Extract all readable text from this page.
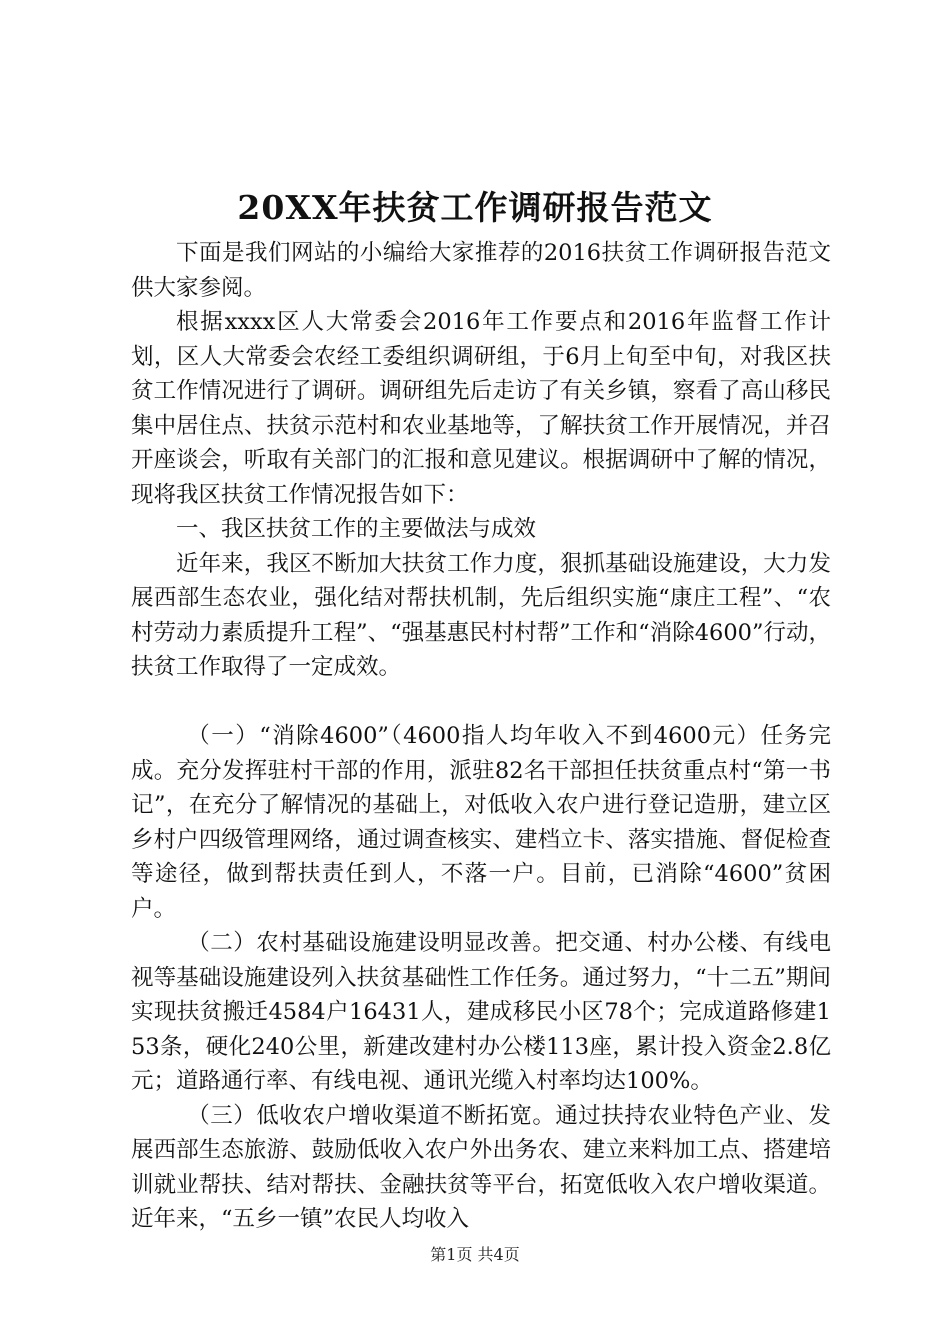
20XX年扶贫工作调研报告范文

下面是我们网站的小编给大家推荐的2016扶贫工作调研报告范文供大家参阅。

根据xxxx区人大常委会2016年工作要点和2016年监督工作计划，区人大常委会农经工委组织调研组，于6月上旬至中旬，对我区扶贫工作情况进行了调研。调研组先后走访了有关乡镇，察看了高山移民集中居住点、扶贫示范村和农业基地等，了解扶贫工作开展情况，并召开座谈会，听取有关部门的汇报和意见建议。根据调研中了解的情况，现将我区扶贫工作情况报告如下：

一、我区扶贫工作的主要做法与成效

近年来，我区不断加大扶贫工作力度，狠抓基础设施建设，大力发展西部生态农业，强化结对帮扶机制，先后组织实施“康庄工程”、“农村劳动力素质提升工程”、“强基惠民村村帮”工作和“消除4600”行动，扶贫工作取得了一定成效。

（一）“消除4600”（4600指人均年收入不到4600元）任务完成。充分发挥驻村干部的作用，派驻82名干部担任扶贫重点村“第一书记”，在充分了解情况的基础上，对低收入农户进行登记造册，建立区乡村户四级管理网络，通过调查核实、建档立卡、落实措施、督促检查等途径，做到帮扶责任到人，不落一户。目前，已消除“4600”贫困户。

（二）农村基础设施建设明显改善。把交通、村办公楼、有线电视等基础设施建设列入扶贫基础性工作任务。通过努力，“十二五”期间实现扶贫搬迁4584户16431人，建成移民小区78个；完成道路修建153条，硬化240公里，新建改建村办公楼113座，累计投入资金2.8亿元；道路通行率、有线电视、通讯光缆入村率均达100%。

（三）低收农户增收渠道不断拓宽。通过扶持农业特色产业、发展西部生态旅游、鼓励低收入农户外出务农、建立来料加工点、搭建培训就业帮扶、结对帮扶、金融扶贫等平台，拓宽低收入农户增收渠道。近年来，“五乡一镇”农民人均收入

第1页 共4页
